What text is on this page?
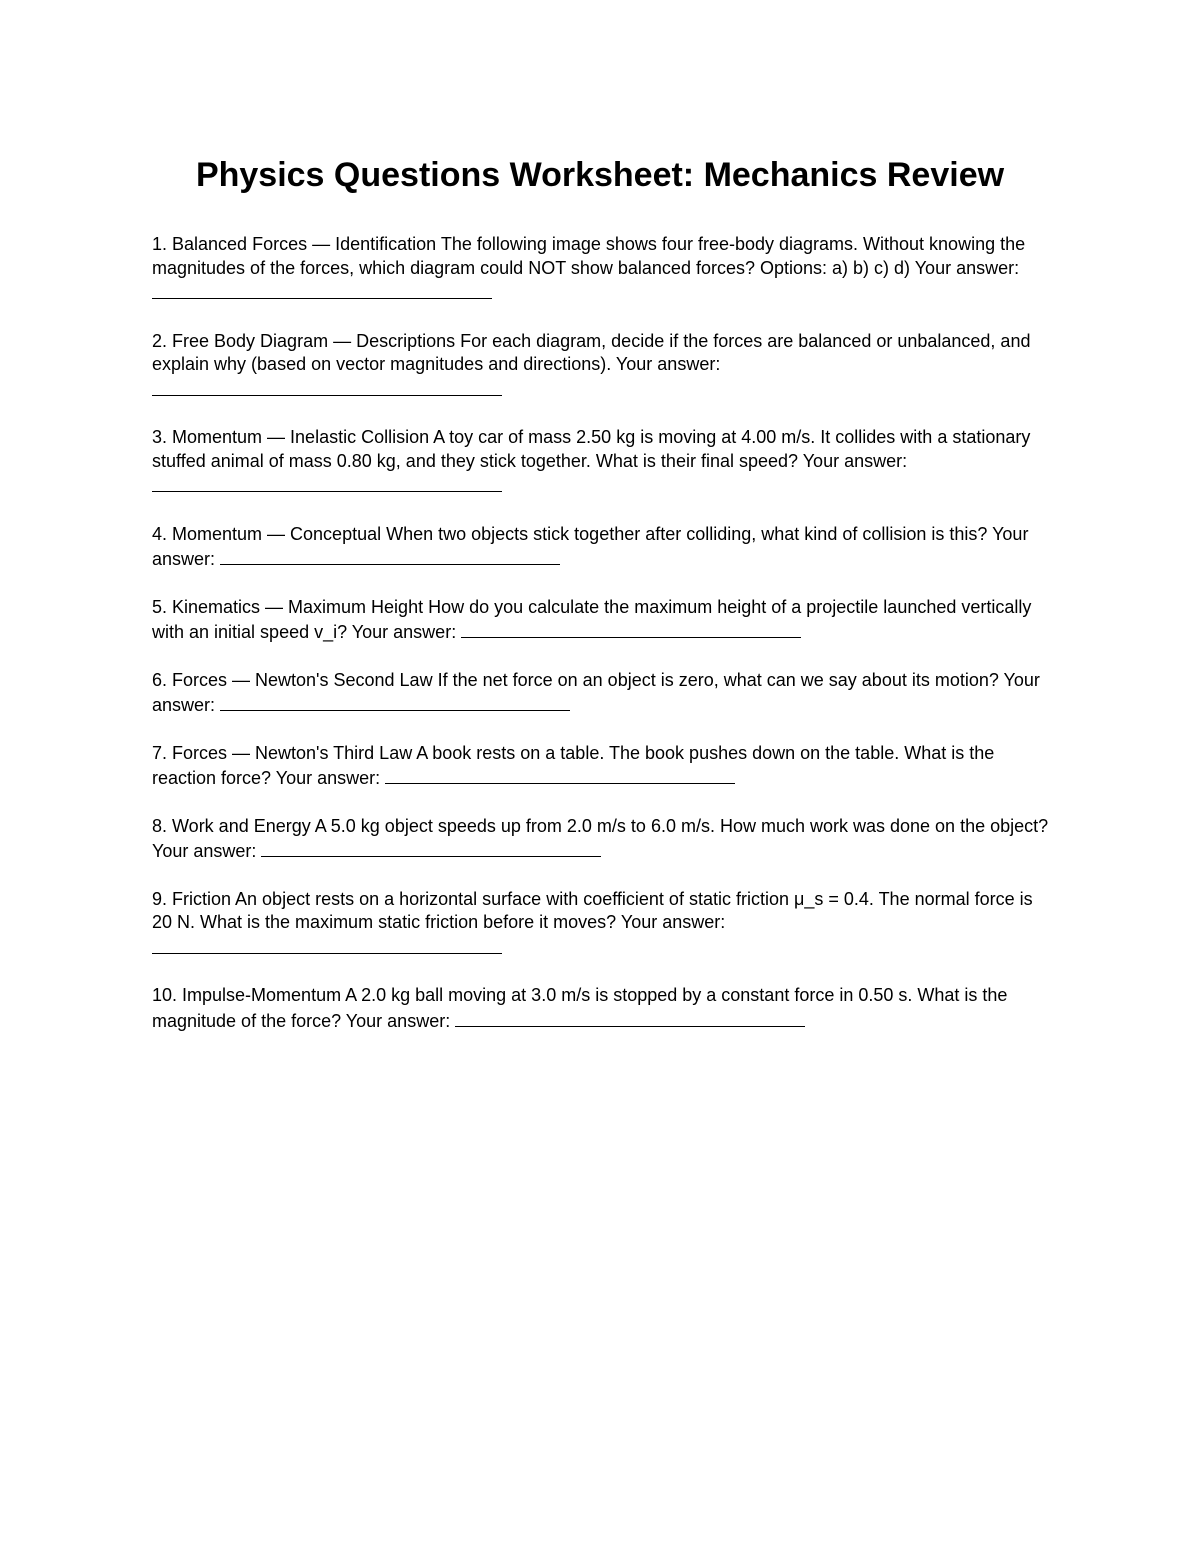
Physics Questions Worksheet: Mechanics Review
1. Balanced Forces — Identification The following image shows four free-body diagrams. Without knowing the magnitudes of the forces, which diagram could NOT show balanced forces? Options: a) b) c) d) Your answer:
2. Free Body Diagram — Descriptions For each diagram, decide if the forces are balanced or unbalanced, and explain why (based on vector magnitudes and directions). Your answer:
3. Momentum — Inelastic Collision A toy car of mass 2.50 kg is moving at 4.00 m/s. It collides with a stationary stuffed animal of mass 0.80 kg, and they stick together. What is their final speed? Your answer:
4. Momentum — Conceptual When two objects stick together after colliding, what kind of collision is this? Your answer:
5. Kinematics — Maximum Height How do you calculate the maximum height of a projectile launched vertically with an initial speed v_i? Your answer:
6. Forces — Newton's Second Law If the net force on an object is zero, what can we say about its motion? Your answer:
7. Forces — Newton's Third Law A book rests on a table. The book pushes down on the table. What is the reaction force? Your answer:
8. Work and Energy A 5.0 kg object speeds up from 2.0 m/s to 6.0 m/s. How much work was done on the object? Your answer:
9. Friction An object rests on a horizontal surface with coefficient of static friction μ_s = 0.4. The normal force is 20 N. What is the maximum static friction before it moves? Your answer:
10. Impulse-Momentum A 2.0 kg ball moving at 3.0 m/s is stopped by a constant force in 0.50 s. What is the magnitude of the force? Your answer:
